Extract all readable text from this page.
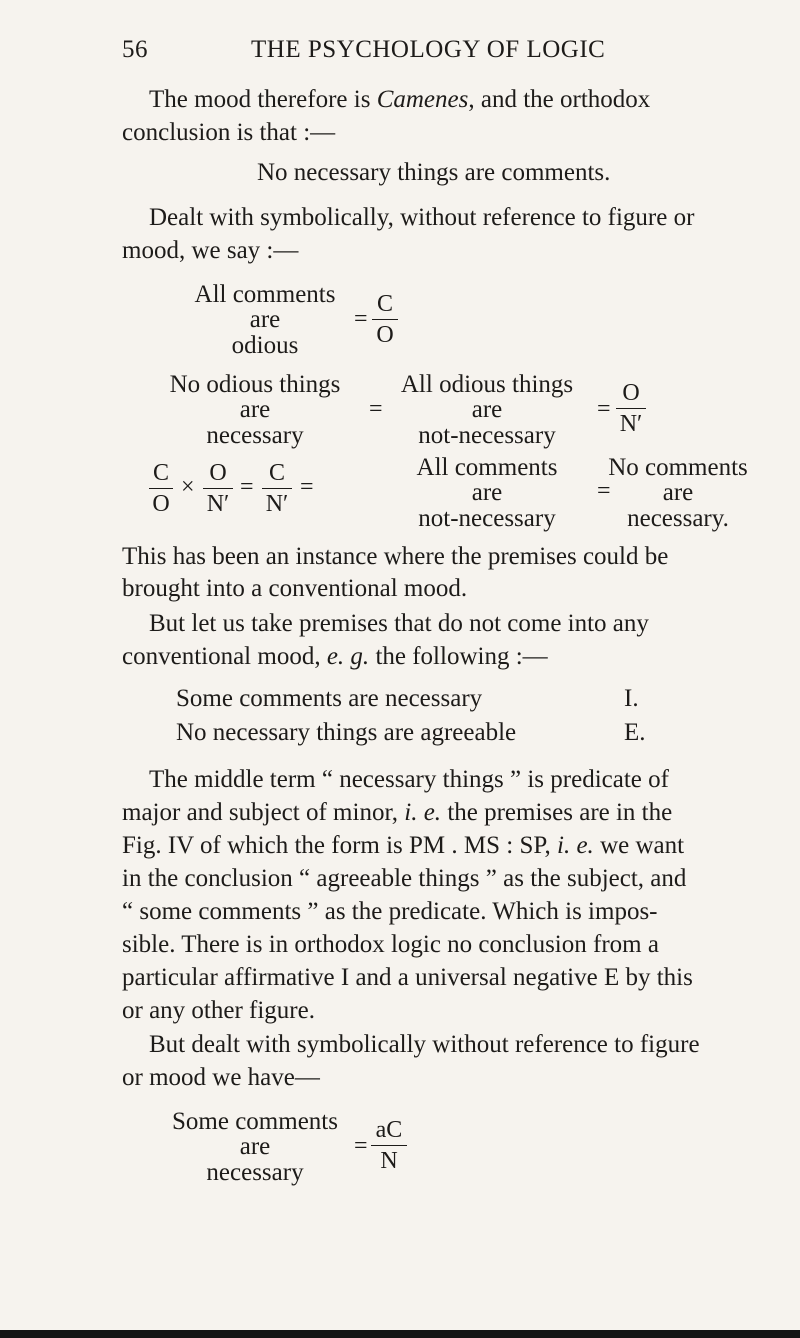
56	THE PSYCHOLOGY OF LOGIC
The mood therefore is Camenes, and the orthodox
conclusion is that :—
No necessary things are comments.
Dealt with symbolically, without reference to figure or
mood, we say :—
All comments
are
odious
=
C
O
No odious things
are
necessary
=
All odious things
are
not-necessary
=
O
N′
C
O
×
O
N′
=
C
N′
=
All comments
are
not-necessary
=
No comments
are
necessary.
This has been an instance where the premises could be
brought into a conventional mood.
But let us take premises that do not come into any
conventional mood, e. g. the following :—
Some comments are necessary	I.
No necessary things are agreeable	E.
The middle term “ necessary things ” is predicate of
major and subject of minor, i. e. the premises are in the
Fig. IV of which the form is PM . MS : SP, i. e. we want
in the conclusion “ agreeable things ” as the subject, and
“ some comments ” as the predicate. Which is impos-
sible. There is in orthodox logic no conclusion from a
particular affirmative I and a universal negative E by this
or any other figure.
But dealt with symbolically without reference to figure
or mood we have—
Some comments
are
necessary
=
aC
N
